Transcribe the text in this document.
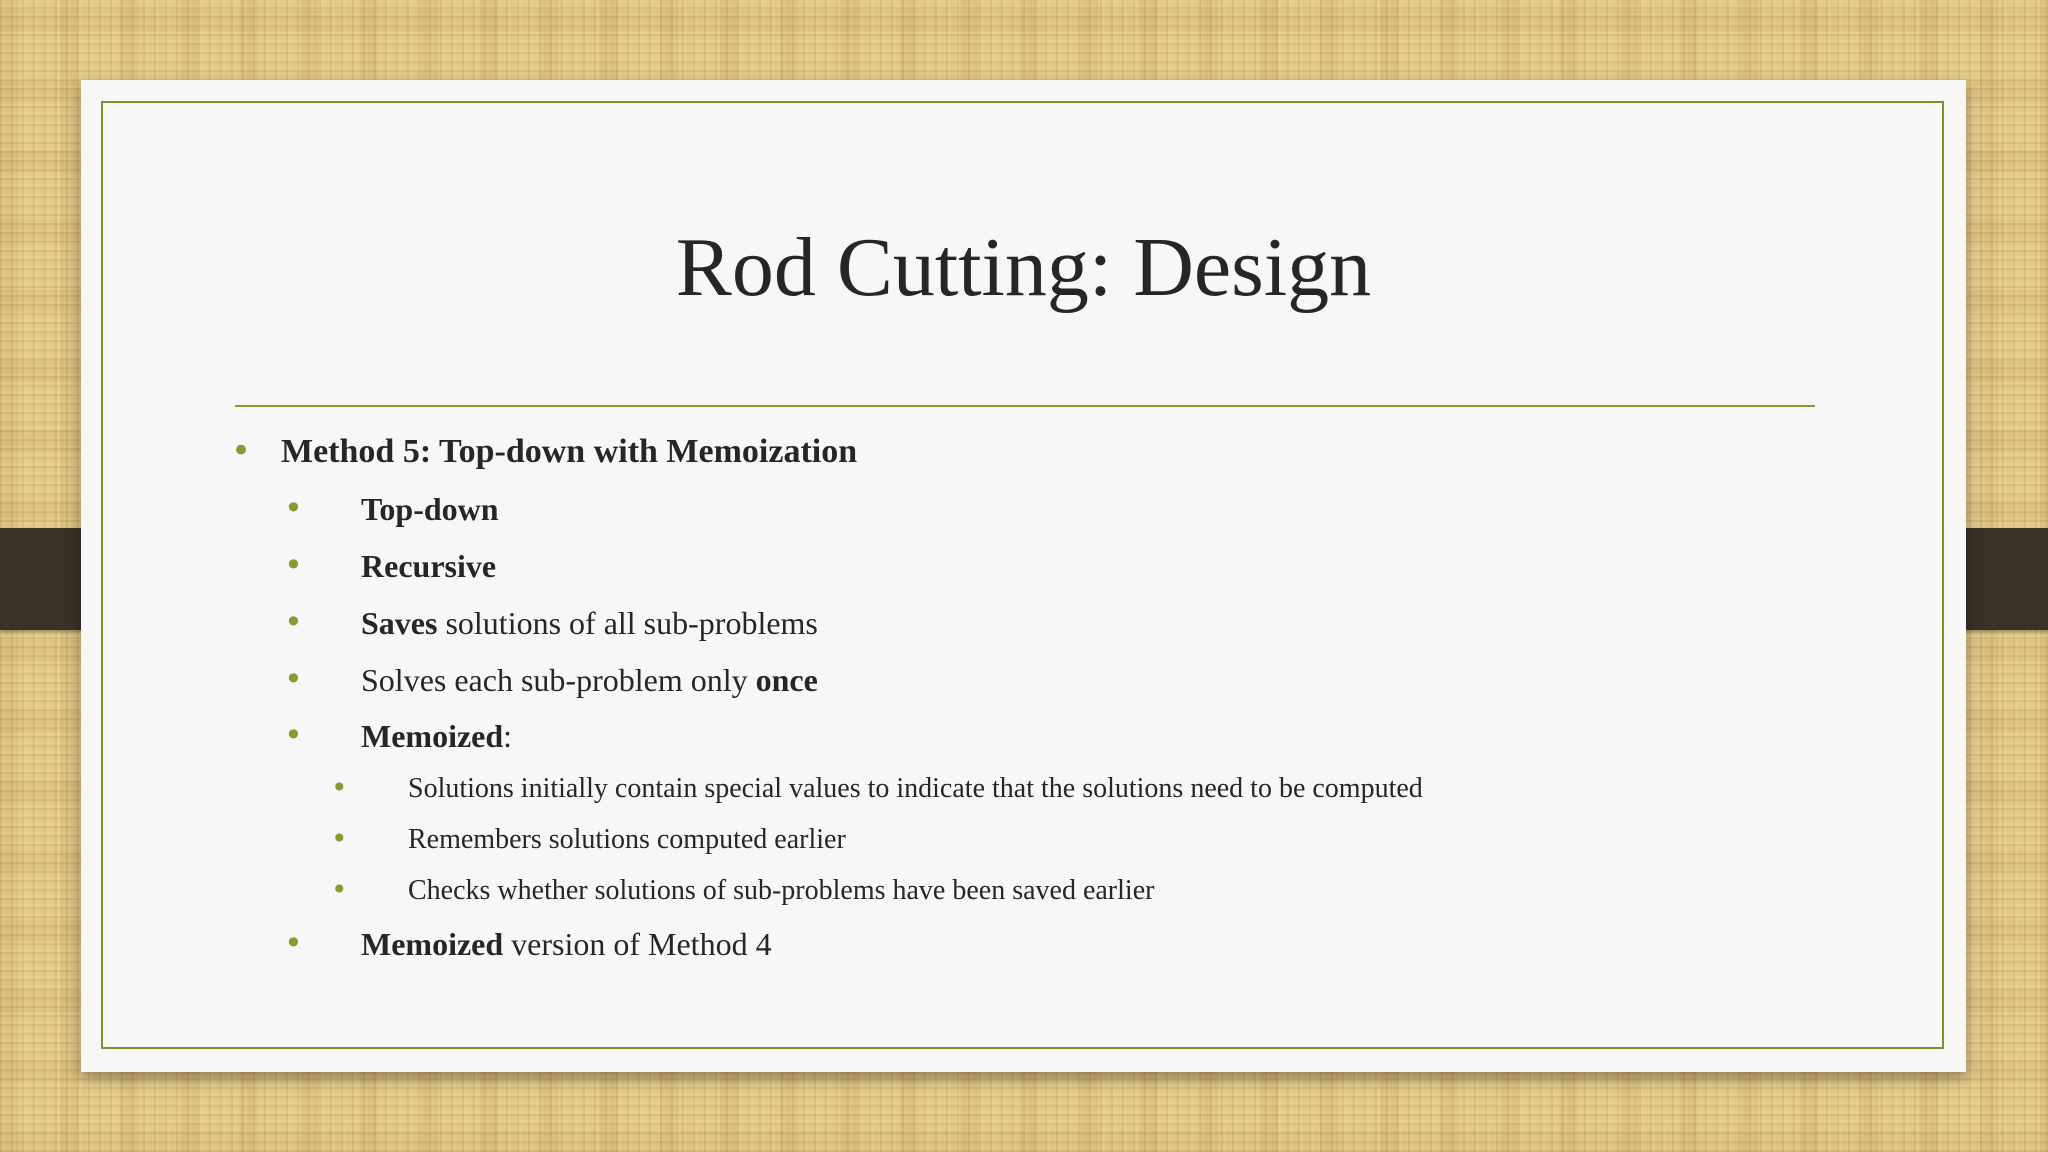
Rod Cutting: Design
• Method 5: Top-down with Memoization
• Top-down
• Recursive
• Saves solutions of all sub-problems
• Solves each sub-problem only once
• Memoized:
• Solutions initially contain special values to indicate that the solutions need to be computed
• Remembers solutions computed earlier
• Checks whether solutions of sub-problems have been saved earlier
• Memoized version of Method 4
